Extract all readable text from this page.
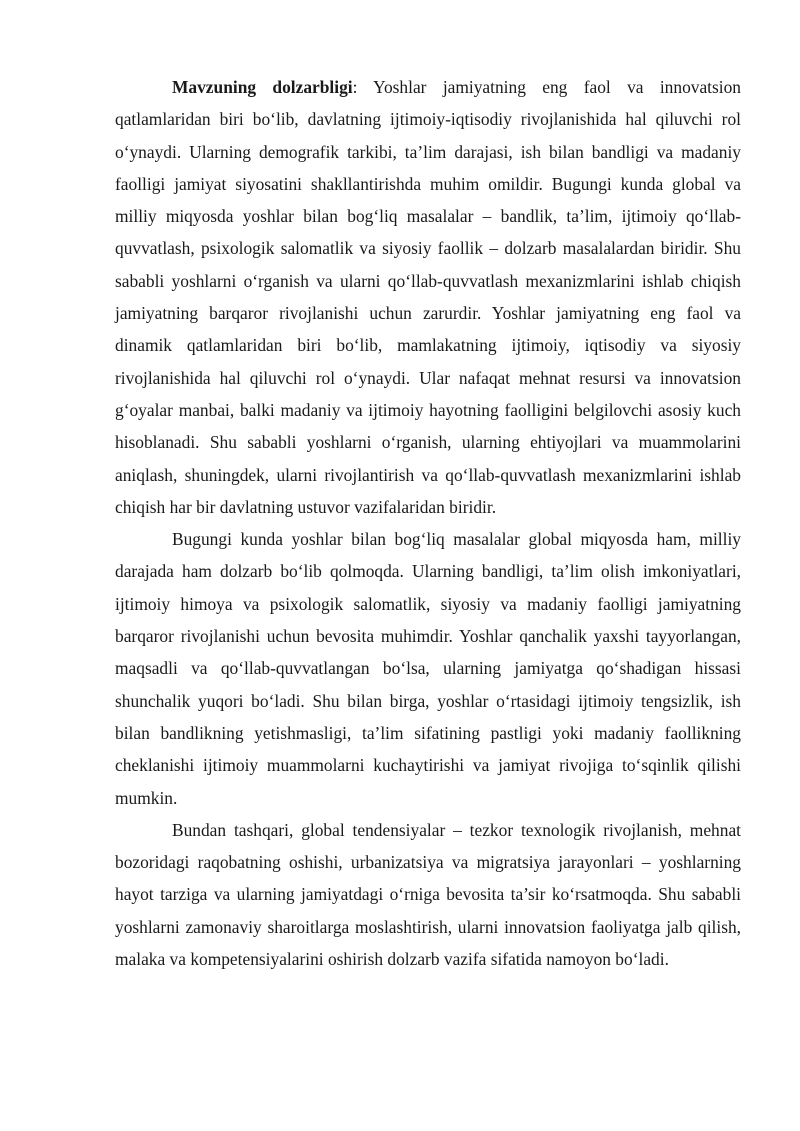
Mavzuning dolzarbligi: Yoshlar jamiyatning eng faol va innovatsion qatlamlaridan biri bo‘lib, davlatning ijtimoiy-iqtisodiy rivojlanishida hal qiluvchi rol o‘ynaydi. Ularning demografik tarkibi, ta’lim darajasi, ish bilan bandligi va madaniy faolligi jamiyat siyosatini shakllantirishda muhim omildir. Bugungi kunda global va milliy miqyosda yoshlar bilan bog‘liq masalalar – bandlik, ta’lim, ijtimoiy qo‘llab-quvvatlash, psixologik salomatlik va siyosiy faollik – dolzarb masalalardan biridir. Shu sababli yoshlarni o‘rganish va ularni qo‘llab-quvvatlash mexanizmlarini ishlab chiqish jamiyatning barqaror rivojlanishi uchun zarurdir. Yoshlar jamiyatning eng faol va dinamik qatlamlaridan biri bo‘lib, mamlakatning ijtimoiy, iqtisodiy va siyosiy rivojlanishida hal qiluvchi rol o‘ynaydi. Ular nafaqat mehnat resursi va innovatsion g‘oyalar manbai, balki madaniy va ijtimoiy hayotning faolligini belgilovchi asosiy kuch hisoblanadi. Shu sababli yoshlarni o‘rganish, ularning ehtiyojlari va muammolarini aniqlash, shuningdek, ularni rivojlantirish va qo‘llab-quvvatlash mexanizmlarini ishlab chiqish har bir davlatning ustuvor vazifalaridan biridir.

Bugungi kunda yoshlar bilan bog‘liq masalalar global miqyosda ham, milliy darajada ham dolzarb bo‘lib qolmoqda. Ularning bandligi, ta’lim olish imkoniyatlari, ijtimoiy himoya va psixologik salomatlik, siyosiy va madaniy faolligi jamiyatning barqaror rivojlanishi uchun bevosita muhimdir. Yoshlar qanchalik yaxshi tayyorlangan, maqsadli va qo‘llab-quvvatlangan bo‘lsa, ularning jamiyatga qo‘shadigan hissasi shunchalik yuqori bo‘ladi. Shu bilan birga, yoshlar o‘rtasidagi ijtimoiy tengsizlik, ish bilan bandlikning yetishmasligi, ta’lim sifatining pastligi yoki madaniy faollikning cheklanishi ijtimoiy muammolarni kuchaytirishi va jamiyat rivojiga to‘sqinlik qilishi mumkin.

Bundan tashqari, global tendensiyalar – tezkor texnologik rivojlanish, mehnat bozoridagi raqobatning oshishi, urbanizatsiya va migratsiya jarayonlari – yoshlarning hayot tarziga va ularning jamiyatdagi o‘rniga bevosita ta’sir ko‘rsatmoqda. Shu sababli yoshlarni zamonaviy sharoitlarga moslashtirish, ularni innovatsion faoliyatga jalb qilish, malaka va kompetensiyalarini oshirish dolzarb vazifa sifatida namoyon bo‘ladi.
